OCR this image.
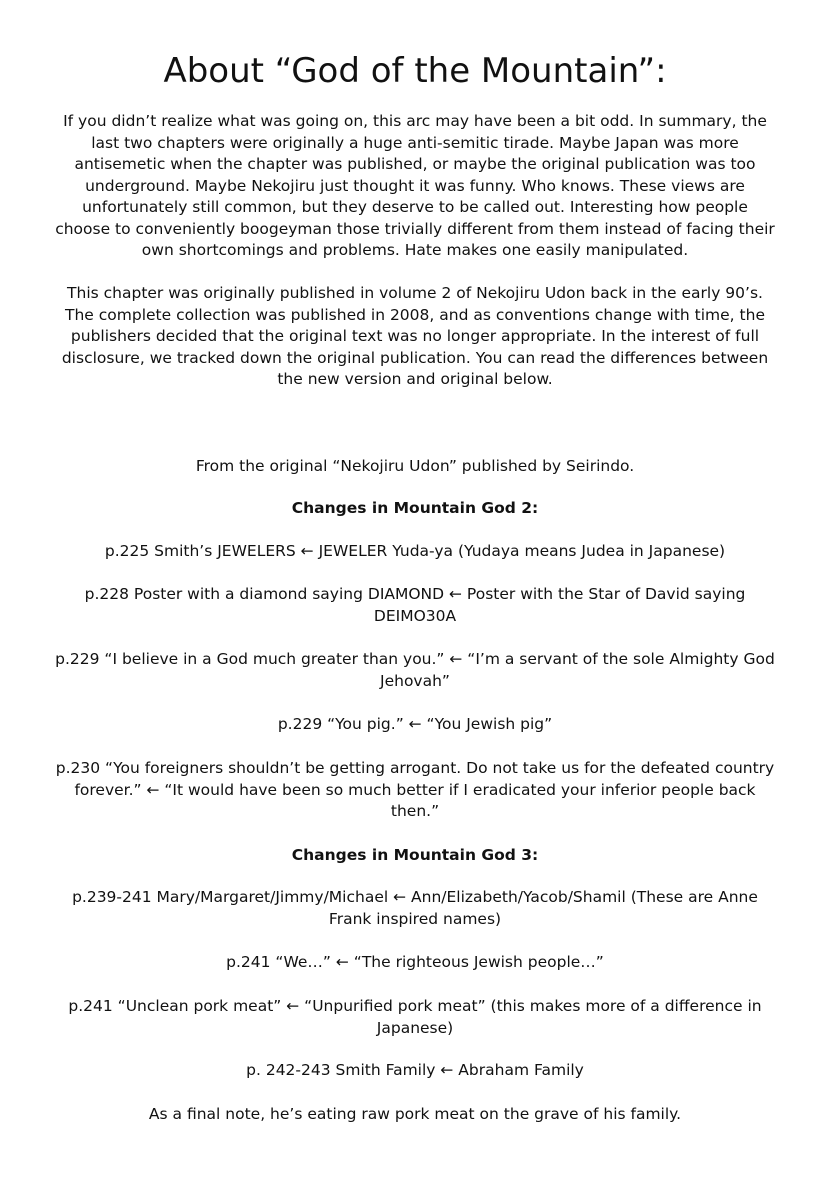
About “God of the Mountain”:

If you didn’t realize what was going on, this arc may have been a bit odd. In summary, the last two chapters were originally a huge anti-semitic tirade. Maybe Japan was more antisemetic when the chapter was published, or maybe the original publication was too underground. Maybe Nekojiru just thought it was funny. Who knows. These views are unfortunately still common, but they deserve to be called out. Interesting how people choose to conveniently boogeyman those trivially different from them instead of facing their own shortcomings and problems. Hate makes one easily manipulated.

This chapter was originally published in volume 2 of Nekojiru Udon back in the early 90’s. The complete collection was published in 2008, and as conventions change with time, the publishers decided that the original text was no longer appropriate. In the interest of full disclosure, we tracked down the original publication. You can read the differences between the new version and original below.

From the original “Nekojiru Udon” published by Seirindo.

Changes in Mountain God 2:

p.225 Smith’s JEWELERS ← JEWELER Yuda-ya (Yudaya means Judea in Japanese)

p.228 Poster with a diamond saying DIAMOND ← Poster with the Star of David saying DEIMO30A

p.229 “I believe in a God much greater than you.” ← “I’m a servant of the sole Almighty God Jehovah”

p.229 “You pig.” ← “You Jewish pig”

p.230 “You foreigners shouldn’t be getting arrogant. Do not take us for the defeated country forever.” ← “It would have been so much better if I eradicated your inferior people back then.”

Changes in Mountain God 3:

p.239-241 Mary/Margaret/Jimmy/Michael ← Ann/Elizabeth/Yacob/Shamil (These are Anne Frank inspired names)

p.241 “We…” ← “The righteous Jewish people…”

p.241 “Unclean pork meat” ← “Unpurified pork meat” (this makes more of a difference in Japanese)

p. 242-243 Smith Family ← Abraham Family

As a final note, he’s eating raw pork meat on the grave of his family.
